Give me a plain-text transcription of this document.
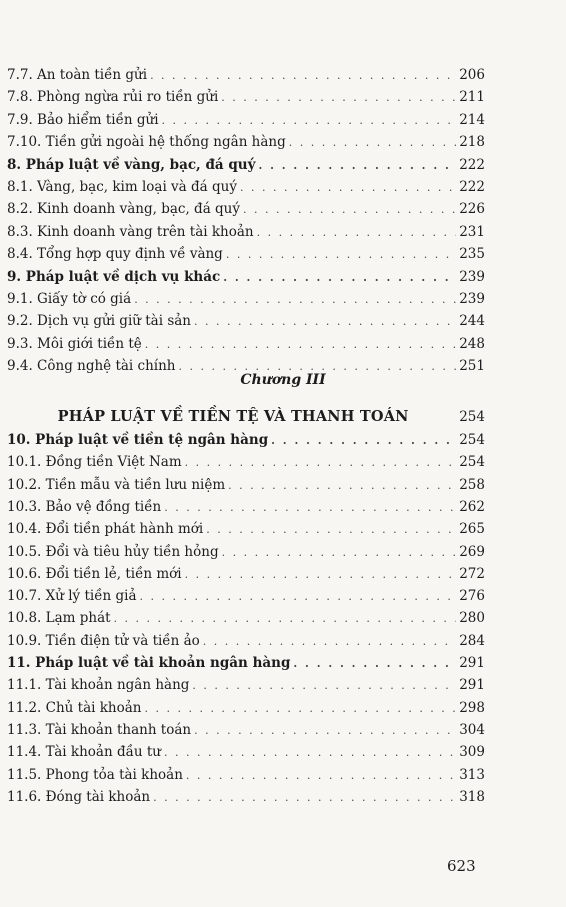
7.7. An toàn tiền gửi . . .	206
7.8. Phòng ngừa rủi ro tiền gửi . . .	211
7.9. Bảo hiểm tiền gửi . . .	214
7.10. Tiền gửi ngoài hệ thống ngân hàng . . .	218
8. Pháp luật về vàng, bạc, đá quý . . .	222
8.1. Vàng, bạc, kim loại và đá quý . . .	222
8.2. Kinh doanh vàng, bạc, đá quý . . .	226
8.3. Kinh doanh vàng trên tài khoản . . .	231
8.4. Tổng hợp quy định về vàng . . .	235
9. Pháp luật về dịch vụ khác . . .	239
9.1. Giấy tờ có giá . . .	239
9.2. Dịch vụ gửi giữ tài sản . . .	244
9.3. Môi giới tiền tệ . . .	248
9.4. Công nghệ tài chính . . .	251
Chương III
PHÁP LUẬT VỀ TIỀN TỆ VÀ THANH TOÁN	254
10. Pháp luật về tiền tệ ngân hàng . . .	254
10.1. Đồng tiền Việt Nam . . .	254
10.2. Tiền mẫu và tiền lưu niệm . . .	258
10.3. Bảo vệ đồng tiền . . .	262
10.4. Đổi tiền phát hành mới . . .	265
10.5. Đổi và tiêu hủy tiền hỏng . . .	269
10.6. Đổi tiền lẻ, tiền mới . . .	272
10.7. Xử lý tiền giả . . .	276
10.8. Lạm phát . . .	280
10.9. Tiền điện tử và tiền ảo . . .	284
11. Pháp luật về tài khoản ngân hàng . . .	291
11.1. Tài khoản ngân hàng . . .	291
11.2. Chủ tài khoản . . .	298
11.3. Tài khoản thanh toán . . .	304
11.4. Tài khoản đầu tư . . .	309
11.5. Phong tỏa tài khoản . . .	313
11.6. Đóng tài khoản . . .	318
623
